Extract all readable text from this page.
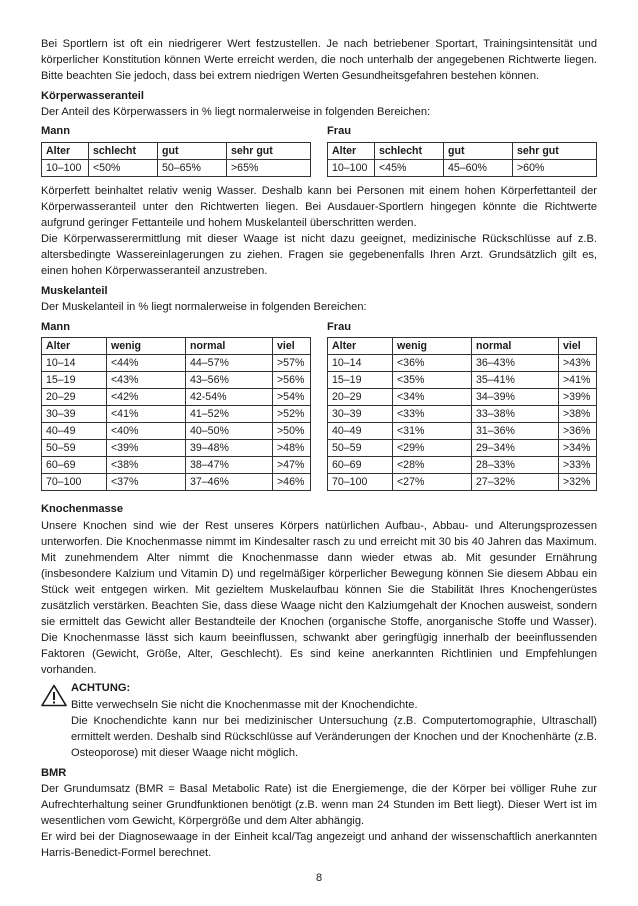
Bei Sportlern ist oft ein niedrigerer Wert festzustellen. Je nach betriebener Sportart, Trainingsintensität und körperlicher Konstitution können Werte erreicht werden, die noch unterhalb der angegebenen Richtwerte liegen. Bitte beachten Sie jedoch, dass bei extrem niedrigen Werten Gesundheitsgefahren bestehen können.

Körperwasseranteil

Der Anteil des Körperwassers in % liegt normalerweise in folgenden Bereichen:

Mann
Alter	schlecht	gut	sehr gut
10–100	<50%	50–65%	>65%
Frau
Alter	schlecht	gut	sehr gut
10–100	<45%	45–60%	>60%

Körperfett beinhaltet relativ wenig Wasser. Deshalb kann bei Personen mit einem hohen Körperfettanteil der Körperwasseranteil unter den Richtwerten liegen. Bei Ausdauer-Sportlern hingegen könnte die Richtwerte aufgrund geringer Fettanteile und hohem Muskelanteil überschritten werden.

Die Körperwasserermittlung mit dieser Waage ist nicht dazu geeignet, medizinische Rückschlüsse auf z.B. altersbedingte Wassereinlagerungen zu ziehen. Fragen sie gegebenenfalls Ihren Arzt. Grundsätzlich gilt es, einen hohen Körperwasseranteil anzustreben.

Muskelanteil

Der Muskelanteil in % liegt normalerweise in folgenden Bereichen:

Mann
Alter	wenig	normal	viel
10–14	<44%	44–57%	>57%
15–19	<43%	43–56%	>56%
20–29	<42%	42-54%	>54%
30–39	<41%	41–52%	>52%
40–49	<40%	40–50%	>50%
50–59	<39%	39–48%	>48%
60–69	<38%	38–47%	>47%
70–100	<37%	37–46%	>46%
Frau
Alter	wenig	normal	viel
10–14	<36%	36–43%	>43%
15–19	<35%	35–41%	>41%
20–29	<34%	34–39%	>39%
30–39	<33%	33–38%	>38%
40–49	<31%	31–36%	>36%
50–59	<29%	29–34%	>34%
60–69	<28%	28–33%	>33%
70–100	<27%	27–32%	>32%

Knochenmasse

Unsere Knochen sind wie der Rest unseres Körpers natürlichen Aufbau-, Abbau- und Alterungsprozessen unterworfen. Die Knochenmasse nimmt im Kindesalter rasch zu und erreicht mit 30 bis 40 Jahren das Maximum. Mit zunehmendem Alter nimmt die Knochenmasse dann wieder etwas ab. Mit gesunder Ernährung (insbesondere Kalzium und Vitamin D) und regelmäßiger körperlicher Bewegung können Sie diesem Abbau ein Stück weit entgegen wirken. Mit gezieltem Muskelaufbau können Sie die Stabilität Ihres Knochengerüstes zusätzlich verstärken. Beachten Sie, dass diese Waage nicht den Kalziumgehalt der Knochen ausweist, sondern sie ermittelt das Gewicht aller Bestandteile der Knochen (organische Stoffe, anorganische Stoffe und Wasser). Die Knochenmasse lässt sich kaum beeinflussen, schwankt aber geringfügig innerhalb der beeinflussenden Faktoren (Gewicht, Größe, Alter, Geschlecht). Es sind keine anerkannten Richtlinien und Empfehlungen vorhanden.

ACHTUNG:
Bitte verwechseln Sie nicht die Knochenmasse mit der Knochendichte.
Die Knochendichte kann nur bei medizinischer Untersuchung (z.B. Computertomographie, Ultraschall) ermittelt werden. Deshalb sind Rückschlüsse auf Veränderungen der Knochen und der Knochenhärte (z.B. Osteoporose) mit dieser Waage nicht möglich.

BMR

Der Grundumsatz (BMR = Basal Metabolic Rate) ist die Energiemenge, die der Körper bei völliger Ruhe zur Aufrechterhaltung seiner Grundfunktionen benötigt (z.B. wenn man 24 Stunden im Bett liegt). Dieser Wert ist im wesentlichen vom Gewicht, Körpergröße und dem Alter abhängig.

Er wird bei der Diagnosewaage in der Einheit kcal/Tag angezeigt und anhand der wissenschaftlich anerkannten Harris-Benedict-Formel berechnet.

8
